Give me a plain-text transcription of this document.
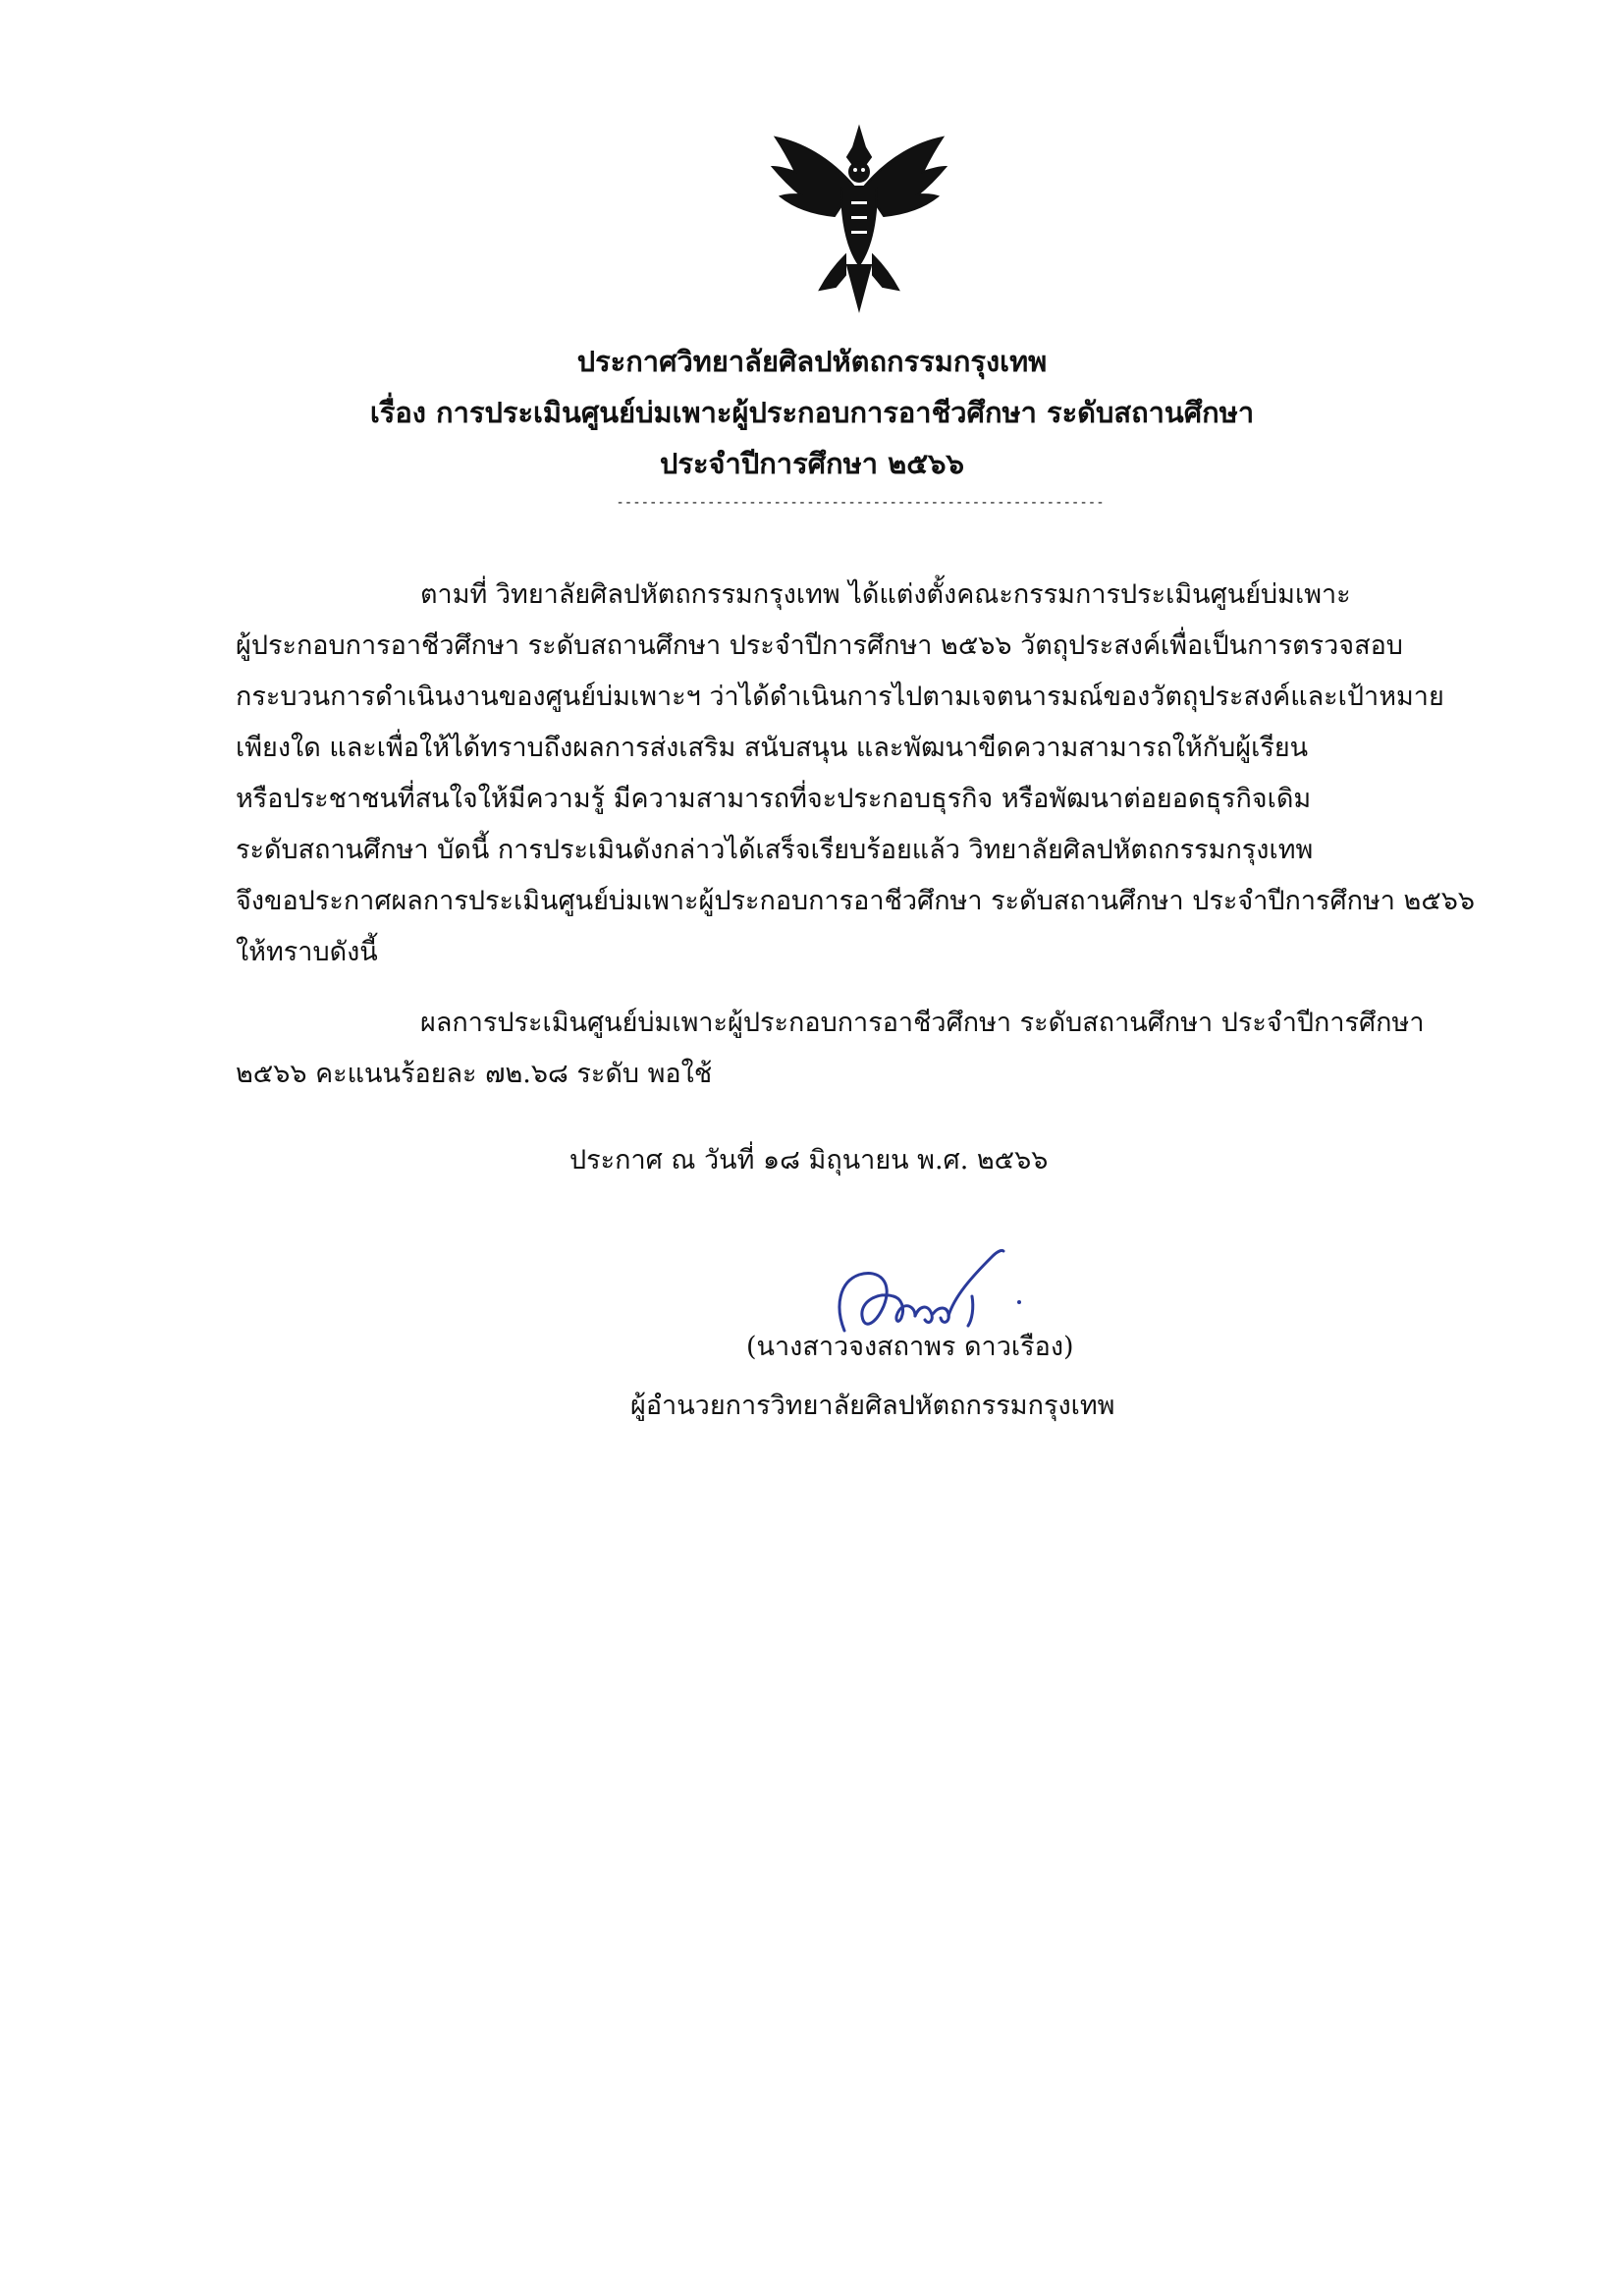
ประกาศวิทยาลัยศิลปหัตถกรรมกรุงเทพ
เรื่อง การประเมินศูนย์บ่มเพาะผู้ประกอบการอาชีวศึกษา ระดับสถานศึกษา
ประจำปีการศึกษา ๒๕๖๖
-----------------------------------------------------------
ตามที่ วิทยาลัยศิลปหัตถกรรมกรุงเทพ ได้แต่งตั้งคณะกรรมการประเมินศูนย์บ่มเพาะ
ผู้ประกอบการอาชีวศึกษา ระดับสถานศึกษา ประจำปีการศึกษา ๒๕๖๖ วัตถุประสงค์เพื่อเป็นการตรวจสอบ
กระบวนการดำเนินงานของศูนย์บ่มเพาะฯ ว่าได้ดำเนินการไปตามเจตนารมณ์ของวัตถุประสงค์และเป้าหมาย
เพียงใด และเพื่อให้ได้ทราบถึงผลการส่งเสริม สนับสนุน และพัฒนาขีดความสามารถให้กับผู้เรียน
หรือประชาชนที่สนใจให้มีความรู้ มีความสามารถที่จะประกอบธุรกิจ หรือพัฒนาต่อยอดธุรกิจเดิม
ระดับสถานศึกษา บัดนี้ การประเมินดังกล่าวได้เสร็จเรียบร้อยแล้ว วิทยาลัยศิลปหัตถกรรมกรุงเทพ
จึงขอประกาศผลการประเมินศูนย์บ่มเพาะผู้ประกอบการอาชีวศึกษา ระดับสถานศึกษา ประจำปีการศึกษา ๒๕๖๖
ให้ทราบดังนี้
ผลการประเมินศูนย์บ่มเพาะผู้ประกอบการอาชีวศึกษา ระดับสถานศึกษา ประจำปีการศึกษา
๒๕๖๖ คะแนนร้อยละ ๗๒.๖๘ ระดับ พอใช้
ประกาศ ณ วันที่ ๑๘ มิถุนายน พ.ศ. ๒๕๖๖
(นางสาวจงสถาพร ดาวเรือง)
ผู้อำนวยการวิทยาลัยศิลปหัตถกรรมกรุงเทพ
